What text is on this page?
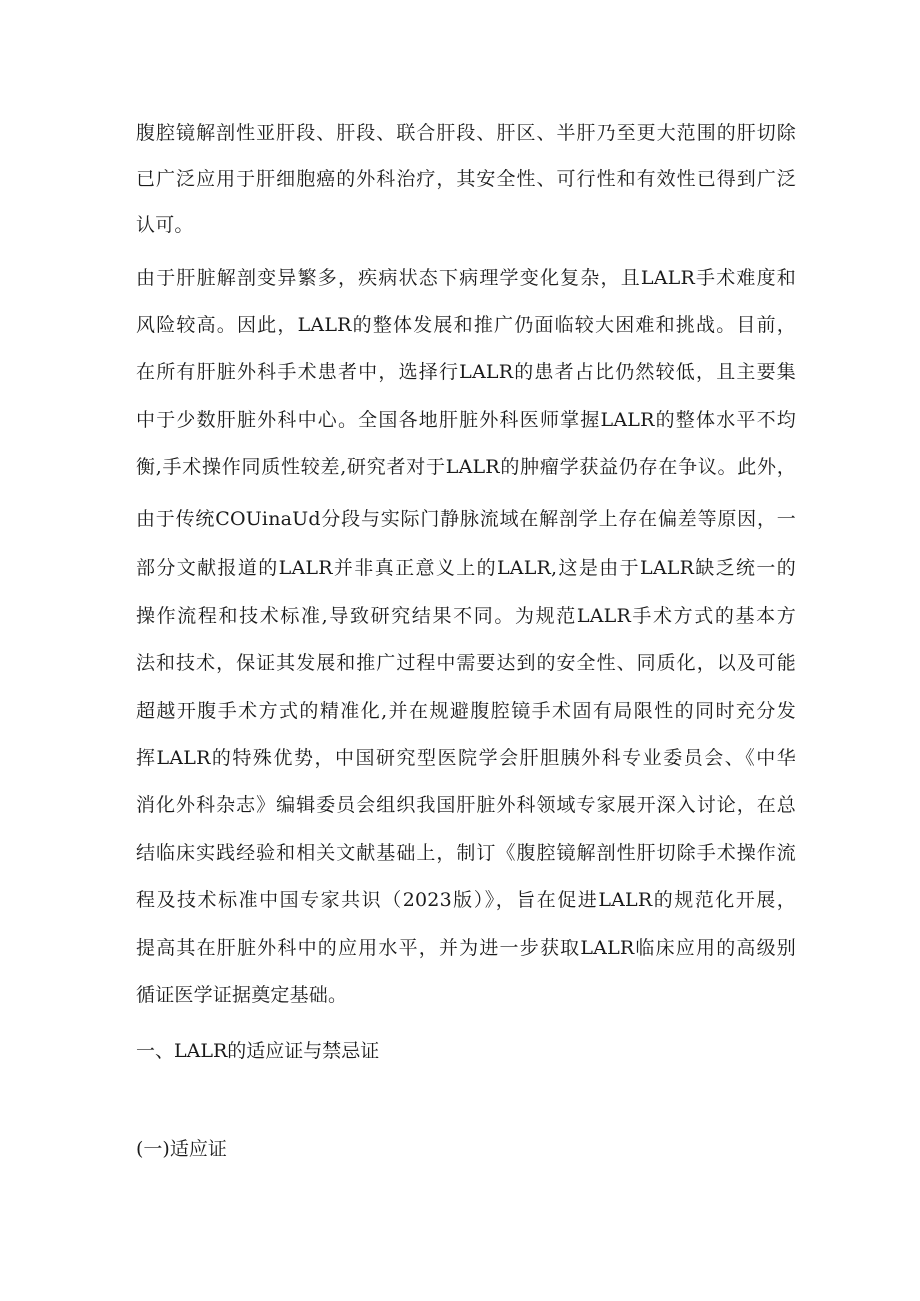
腹腔镜解剖性亚肝段、肝段、联合肝段、肝区、半肝乃至更大范围的肝切除
已广泛应用于肝细胞癌的外科治疗，其安全性、可行性和有效性已得到广泛
认可。
由于肝脏解剖变异繁多，疾病状态下病理学变化复杂，且LALR手术难度和
风险较高。因此，LALR的整体发展和推广仍面临较大困难和挑战。目前，
在所有肝脏外科手术患者中，选择行LALR的患者占比仍然较低，且主要集
中于少数肝脏外科中心。全国各地肝脏外科医师掌握LALR的整体水平不均
衡,手术操作同质性较差,研究者对于LALR的肿瘤学获益仍存在争议。此外，
由于传统COUinaUd分段与实际门静脉流域在解剖学上存在偏差等原因，一
部分文献报道的LALR并非真正意义上的LALR,这是由于LALR缺乏统一的
操作流程和技术标准,导致研究结果不同。为规范LALR手术方式的基本方
法和技术，保证其发展和推广过程中需要达到的安全性、同质化，以及可能
超越开腹手术方式的精准化,并在规避腹腔镜手术固有局限性的同时充分发
挥LALR的特殊优势，中国研究型医院学会肝胆胰外科专业委员会、《中华
消化外科杂志》编辑委员会组织我国肝脏外科领域专家展开深入讨论，在总
结临床实践经验和相关文献基础上，制订《腹腔镜解剖性肝切除手术操作流
程及技术标准中国专家共识（2023版）》，旨在促进LALR的规范化开展，
提高其在肝脏外科中的应用水平，并为进一步获取LALR临床应用的高级别
循证医学证据奠定基础。
一、LALR的适应证与禁忌证
(一)适应证
